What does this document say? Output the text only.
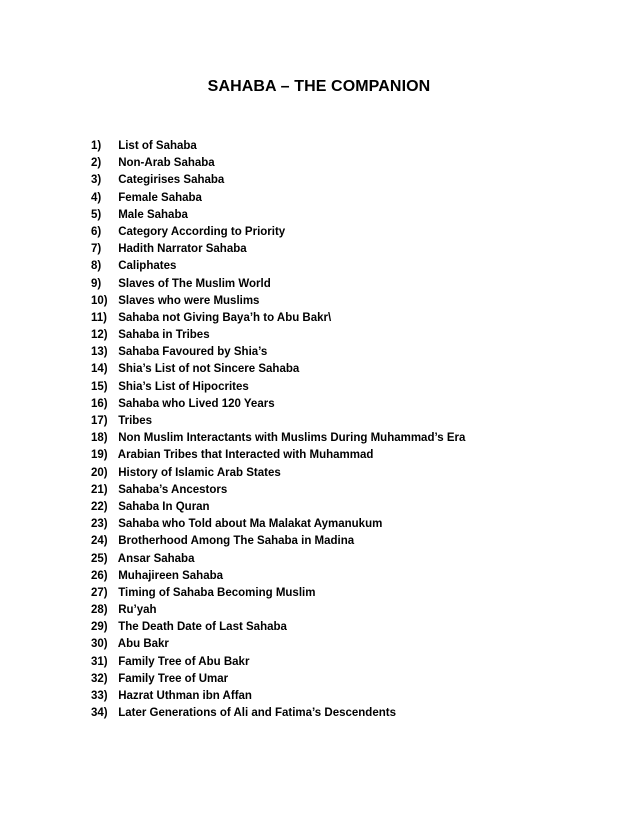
SAHABA – THE COMPANION
1) List of Sahaba
2) Non-Arab Sahaba
3) Categirises Sahaba
4) Female Sahaba
5) Male Sahaba
6) Category According to Priority
7) Hadith Narrator Sahaba
8) Caliphates
9) Slaves of The Muslim World
10) Slaves who were Muslims
11) Sahaba not Giving Baya’h to Abu Bakr\
12) Sahaba in Tribes
13) Sahaba Favoured by Shia’s
14) Shia’s List of not Sincere Sahaba
15) Shia’s List of Hipocrites
16) Sahaba who Lived 120 Years
17) Tribes
18) Non Muslim Interactants with Muslims During Muhammad’s Era
19) Arabian Tribes that Interacted with Muhammad
20) History of Islamic Arab States
21) Sahaba’s Ancestors
22) Sahaba In Quran
23) Sahaba who Told about Ma Malakat Aymanukum
24) Brotherhood Among The Sahaba in Madina
25) Ansar Sahaba
26) Muhajireen Sahaba
27) Timing of Sahaba Becoming Muslim
28) Ru’yah
29) The Death Date of Last Sahaba
30) Abu Bakr
31) Family Tree of Abu Bakr
32) Family Tree of Umar
33) Hazrat Uthman ibn Affan
34) Later Generations of Ali and Fatima’s Descendents
